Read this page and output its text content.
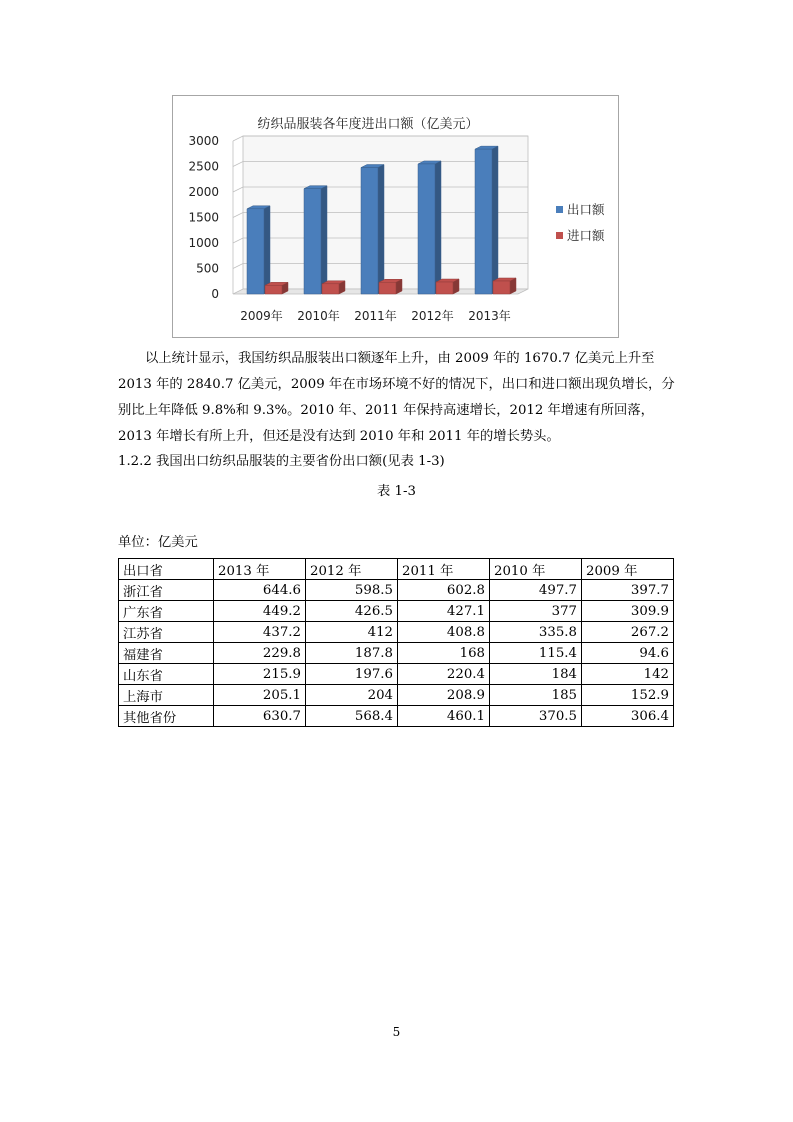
纺织品服装各年度进出口额（亿美元）
0
500
1000
1500
2000
2500
3000
2009年 2010年 2011年 2012年 2013年
出口额
进口额

以上统计显示，我国纺织品服装出口额逐年上升，由 2009 年的 1670.7 亿美元上升至 2013 年的 2840.7 亿美元，2009 年在市场环境不好的情况下，出口和进口额出现负增长，分别比上年降低 9.8%和 9.3%。2010 年、2011 年保持高速增长，2012 年增速有所回落，2013 年增长有所上升，但还是没有达到 2010 年和 2011 年的增长势头。

1.2.2 我国出口纺织品服装的主要省份出口额(见表 1-3)
表 1-3
单位：亿美元
出口省	2013 年	2012 年	2011 年	2010 年	2009 年
浙江省	644.6	598.5	602.8	497.7	397.7
广东省	449.2	426.5	427.1	377	309.9
江苏省	437.2	412	408.8	335.8	267.2
福建省	229.8	187.8	168	115.4	94.6
山东省	215.9	197.6	220.4	184	142
上海市	205.1	204	208.9	185	152.9
其他省份	630.7	568.4	460.1	370.5	306.4
5
